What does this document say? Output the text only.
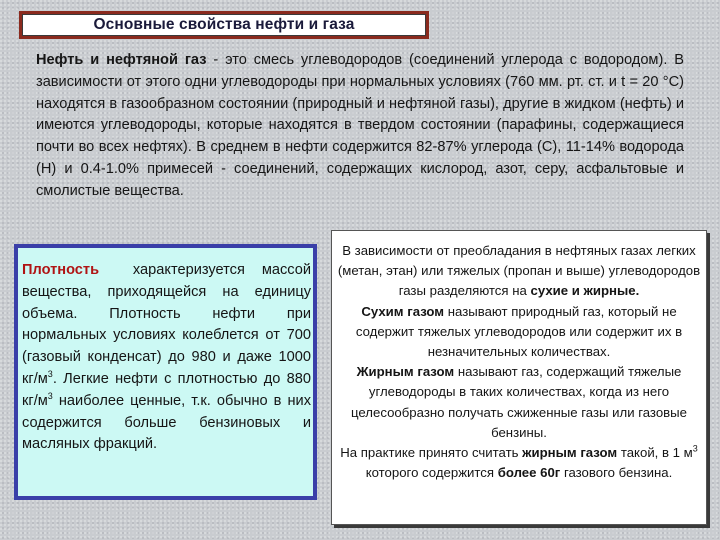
Основные свойства нефти и газа
Нефть и нефтяной газ - это смесь углеводородов (соединений углерода с водородом). В зависимости от этого одни углеводороды при нормальных условиях (760 мм. рт. ст. и t = 20 °С) находятся в газообразном состоянии (природный и нефтяной газы), другие в жидком (нефть) и имеются углеводороды, которые находятся в твердом состоянии (парафины, содержащиеся почти во всех нефтях). В среднем в нефти содержится 82-87% углерода (С), 11-14% водорода (Н) и 0.4-1.0% примесей - соединений, содержащих кислород, азот, серу, асфальтовые и смолистые вещества.
Плотность  характеризуется массой вещества, приходящейся на единицу объема. Плотность нефти при нормальных условиях колеблется от 700 (газовый конденсат) до 980 и даже 1000 $кг/м^3$. Легкие нефти с плотностью до 880 $кг/м^3$ наиболее ценные, т.к. обычно в них содержится больше бензиновых и масляных фракций.
В зависимости от преобладания в нефтяных газах легких (метан, этан) или тяжелых (пропан и выше) углеводородов газы разделяются на сухие и жирные.
Сухим газом называют природный газ, который не содержит тяжелых углеводородов или содержит их в незначительных количествах.
Жирным газом называют газ, содержащий тяжелые углеводороды в таких количествах, когда из него целесообразно получать сжиженные газы или газовые бензины.
На практике принято считать жирным газом такой, в 1 $м^3$ которого содержится более 60г газового бензина.
